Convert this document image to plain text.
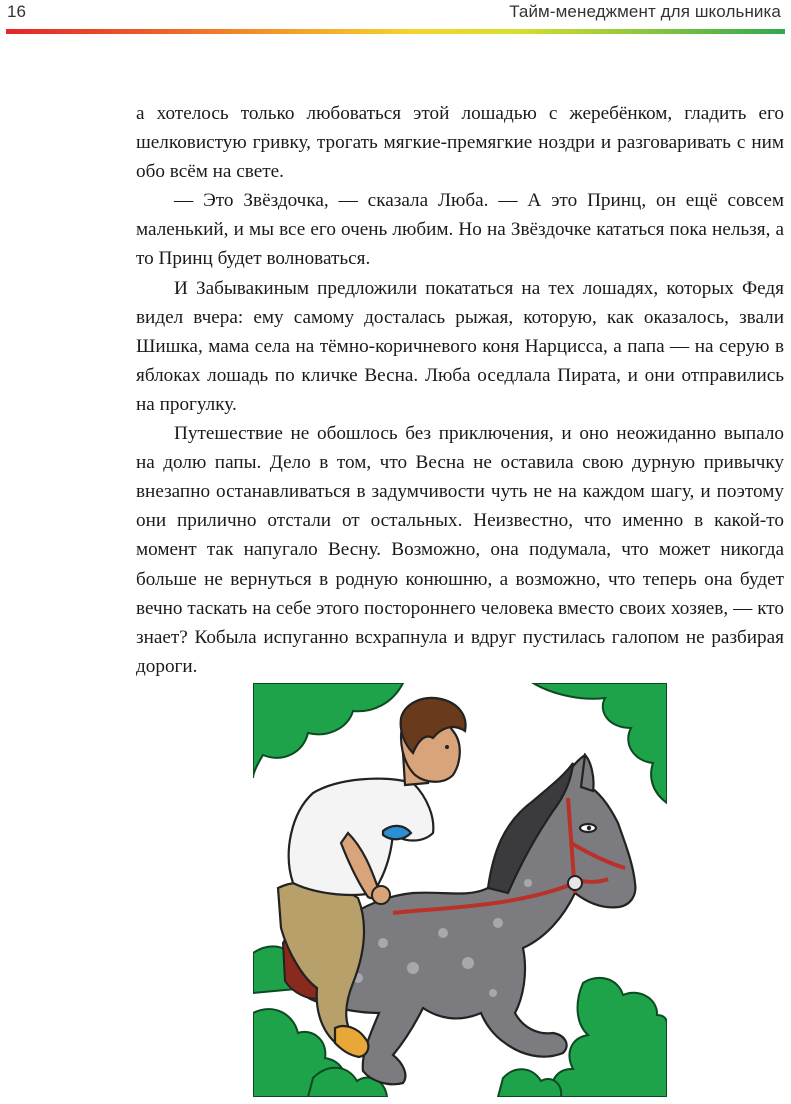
16	Тайм-менеджмент для школьника

а хотелось только любоваться этой лошадью с жеребёнком, гладить его шелковистую гривку, трогать мягкие-премягкие ноздри и разговаривать с ним обо всём на свете.

— Это Звёздочка, — сказала Люба. — А это Принц, он ещё совсем маленький, и мы все его очень любим. Но на Звёздочке кататься пока нельзя, а то Принц будет волноваться.

И Забывакиным предложили покататься на тех лошадях, которых Федя видел вчера: ему самому досталась рыжая, которую, как оказалось, звали Шишка, мама села на тёмно-коричневого коня Нарцисса, а папа — на серую в яблоках лошадь по кличке Весна. Люба оседлала Пирата, и они отправились на прогулку.

Путешествие не обошлось без приключения, и оно неожиданно выпало на долю папы. Дело в том, что Весна не оставила свою дурную привычку внезапно останавливаться в задумчивости чуть не на каждом шагу, и поэтому они прилично отстали от остальных. Неизвестно, что именно в какой-то момент так напугало Весну. Возможно, она подумала, что может никогда больше не вернуться в родную конюшню, а возможно, что теперь она будет вечно таскать на себе этого постороннего человека вместо своих хозяев, — кто знает? Кобыла испуганно всхрапнула и вдруг пустилась галопом не разбирая дороги.
